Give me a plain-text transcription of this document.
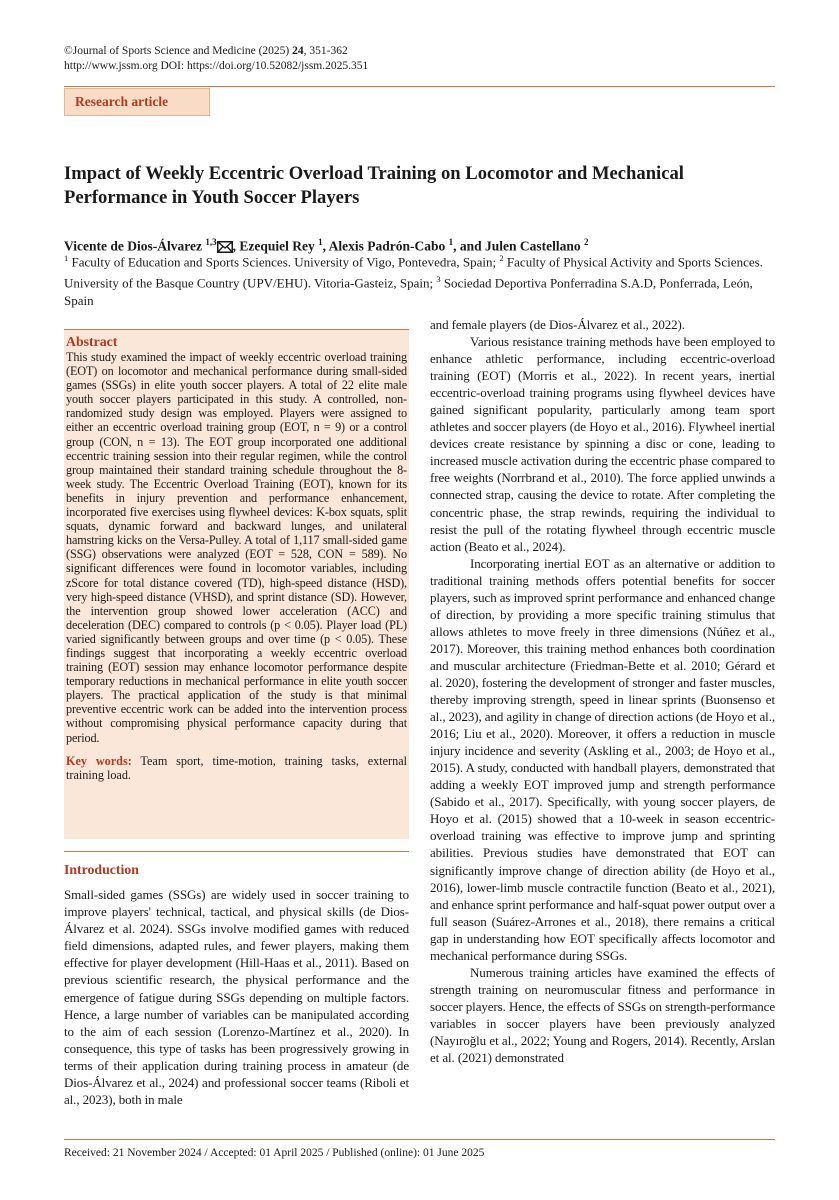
©Journal of Sports Science and Medicine (2025) 24, 351-362
http://www.jssm.org DOI: https://doi.org/10.52082/jssm.2025.351
Research article
Impact of Weekly Eccentric Overload Training on Locomotor and Mechanical Performance in Youth Soccer Players
Vicente de Dios-Álvarez $^{1,3}$ , Ezequiel Rey $^1$, Alexis Padrón-Cabo $^1$, and Julen Castellano $^2$
$^1$ Faculty of Education and Sports Sciences. University of Vigo, Pontevedra, Spain; $^2$ Faculty of Physical Activity and Sports Sciences. University of the Basque Country (UPV/EHU). Vitoria-Gasteiz, Spain; $^3$ Sociedad Deportiva Ponferradina S.A.D, Ponferrada, León, Spain
Abstract
This study examined the impact of weekly eccentric overload training (EOT) on locomotor and mechanical performance during small-sided games (SSGs) in elite youth soccer players. A total of 22 elite male youth soccer players participated in this study. A controlled, non-randomized study design was employed. Players were assigned to either an eccentric overload training group (EOT, n = 9) or a control group (CON, n = 13). The EOT group incorporated one additional eccentric training session into their regular regimen, while the control group maintained their standard training schedule throughout the 8-week study. The Eccentric Overload Training (EOT), known for its benefits in injury prevention and performance enhancement, incorporated five exercises using flywheel devices: K-box squats, split squats, dynamic forward and backward lunges, and unilateral hamstring kicks on the Versa-Pulley. A total of 1,117 small-sided game (SSG) observations were analyzed (EOT = 528, CON = 589). No significant differences were found in locomotor variables, including zScore for total distance covered (TD), high-speed distance (HSD), very high-speed distance (VHSD), and sprint distance (SD). However, the intervention group showed lower acceleration (ACC) and deceleration (DEC) compared to controls (p < 0.05). Player load (PL) varied significantly between groups and over time (p < 0.05). These findings suggest that incorporating a weekly eccentric overload training (EOT) session may enhance locomotor performance despite temporary reductions in mechanical performance in elite youth soccer players. The practical application of the study is that minimal preventive eccentric work can be added into the intervention process without compromising physical performance capacity during that period.
Key words: Team sport, time-motion, training tasks, external training load.
Introduction

Small-sided games (SSGs) are widely used in soccer training to improve players' technical, tactical, and physical skills (de Dios-Álvarez et al. 2024). SSGs involve modified games with reduced field dimensions, adapted rules, and fewer players, making them effective for player development (Hill-Haas et al., 2011). Based on previous scientific research, the physical performance and the emergence of fatigue during SSGs depending on multiple factors. Hence, a large number of variables can be manipulated according to the aim of each session (Lorenzo-Martínez et al., 2020). In consequence, this type of tasks has been progressively growing in terms of their application during training process in amateur (de Dios-Álvarez et al., 2024) and professional soccer teams (Riboli et al., 2023), both in male

and female players (de Dios-Álvarez et al., 2022).

Various resistance training methods have been employed to enhance athletic performance, including eccentric-overload training (EOT) (Morris et al., 2022). In recent years, inertial eccentric-overload training programs using flywheel devices have gained significant popularity, particularly among team sport athletes and soccer players (de Hoyo et al., 2016). Flywheel inertial devices create resistance by spinning a disc or cone, leading to increased muscle activation during the eccentric phase compared to free weights (Norrbrand et al., 2010). The force applied unwinds a connected strap, causing the device to rotate. After completing the concentric phase, the strap rewinds, requiring the individual to resist the pull of the rotating flywheel through eccentric muscle action (Beato et al., 2024).

Incorporating inertial EOT as an alternative or addition to traditional training methods offers potential benefits for soccer players, such as improved sprint performance and enhanced change of direction, by providing a more specific training stimulus that allows athletes to move freely in three dimensions (Núñez et al., 2017). Moreover, this training method enhances both coordination and muscular architecture (Friedman-Bette et al. 2010; Gérard et al. 2020), fostering the development of stronger and faster muscles, thereby improving strength, speed in linear sprints (Buonsenso et al., 2023), and agility in change of direction actions (de Hoyo et al., 2016; Liu et al., 2020). Moreover, it offers a reduction in muscle injury incidence and severity (Askling et al., 2003; de Hoyo et al., 2015). A study, conducted with handball players, demonstrated that adding a weekly EOT improved jump and strength performance (Sabido et al., 2017). Specifically, with young soccer players, de Hoyo et al. (2015) showed that a 10-week in season eccentric-overload training was effective to improve jump and sprinting abilities. Previous studies have demonstrated that EOT can significantly improve change of direction ability (de Hoyo et al., 2016), lower-limb muscle contractile function (Beato et al., 2021), and enhance sprint performance and half-squat power output over a full season (Suárez-Arrones et al., 2018), there remains a critical gap in understanding how EOT specifically affects locomotor and mechanical performance during SSGs.

Numerous training articles have examined the effects of strength training on neuromuscular fitness and performance in soccer players. Hence, the effects of SSGs on strength-performance variables in soccer players have been previously analyzed (Nayıroğlu et al., 2022; Young and Rogers, 2014). Recently, Arslan et al. (2021) demonstrated

Received: 21 November 2024 / Accepted: 01 April 2025 / Published (online): 01 June 2025
